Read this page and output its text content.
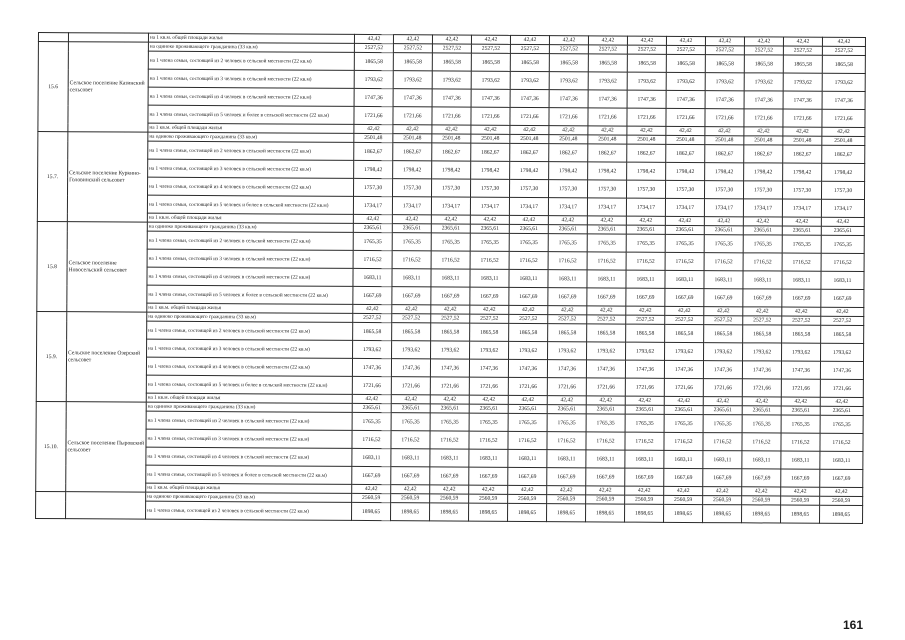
		на 1 кв.м. общей площади жилья	42,42	42,42	42,42	42,42	42,42	42,42	42,42	42,42	42,42	42,42	42,42	42,42	42,42
15.6	Сельское поселение Казинский сельсовет	на одиноко проживающего гражданина (33 кв.м)	2527,52	2527,52	2527,52	2527,52	2527,52	2527,52	2527,52	2527,52	2527,52	2527,52	2527,52	2527,52	2527,52
		на 1 члена семьи, состоящей из 2 человек в сельской местности (22 кв.м)	1865,58	1865,58	1865,58	1865,58	1865,58	1865,58	1865,58	1865,58	1865,58	1865,58	1865,58	1865,58	1865,58
		на 1 члена семьи, состоящей из 3 человек в сельской местности (22 кв.м)	1793,62	1793,62	1793,62	1793,62	1793,62	1793,62	1793,62	1793,62	1793,62	1793,62	1793,62	1793,62	1793,62
		на 1 члена семьи, состоящей из 4 человек в сельской местности (22 кв.м)	1747,36	1747,36	1747,36	1747,36	1747,36	1747,36	1747,36	1747,36	1747,36	1747,36	1747,36	1747,36	1747,36
		на 1 члена семьи, состоящей из 5 человек и более в сельской местности (22 кв.м)	1721,66	1721,66	1721,66	1721,66	1721,66	1721,66	1721,66	1721,66	1721,66	1721,66	1721,66	1721,66	1721,66
		на 1 кв.м. общей площади жилья	42,42	42,42	42,42	42,42	42,42	42,42	42,42	42,42	42,42	42,42	42,42	42,42	42,42
15.7.	Сельское поселение Куркино-Головинский сельсовет	на одиноко проживающего гражданина (33 кв.м)	2501,48	2501,48	2501,48	2501,48	2501,48	2501,48	2501,48	2501,48	2501,48	2501,48	2501,48	2501,48	2501,48
		на 1 члена семьи, состоящей из 2 человек в сельской местности (22 кв.м)	1862,67	1862,67	1862,67	1862,67	1862,67	1862,67	1862,67	1862,67	1862,67	1862,67	1862,67	1862,67	1862,67
		на 1 члена семьи, состоящей из 3 человек в сельской местности (22 кв.м)	1798,42	1798,42	1798,42	1798,42	1798,42	1798,42	1798,42	1798,42	1798,42	1798,42	1798,42	1798,42	1798,42
		на 1 члена семьи, состоящей из 4 человек в сельской местности (22 кв.м)	1757,30	1757,30	1757,30	1757,30	1757,30	1757,30	1757,30	1757,30	1757,30	1757,30	1757,30	1757,30	1757,30
		на 1 члена семьи, состоящей из 5 человек и более в сельской местности (22 кв.м)	1734,17	1734,17	1734,17	1734,17	1734,17	1734,17	1734,17	1734,17	1734,17	1734,17	1734,17	1734,17	1734,17
		на 1 кв.м. общей площади жилья	42,42	42,42	42,42	42,42	42,42	42,42	42,42	42,42	42,42	42,42	42,42	42,42	42,42
15.8	Сельское поселение Новосельский сельсовет	на одиноко проживающего гражданина (33 кв.м)	2365,61	2365,61	2365,61	2365,61	2365,61	2365,61	2365,61	2365,61	2365,61	2365,61	2365,61	2365,61	2365,61
		на 1 члена семьи, состоящей из 2 человек в сельской местности (22 кв.м)	1765,35	1765,35	1765,35	1765,35	1765,35	1765,35	1765,35	1765,35	1765,35	1765,35	1765,35	1765,35	1765,35
		на 1 члена семьи, состоящей из 3 человек в сельской местности (22 кв.м)	1716,52	1716,52	1716,52	1716,52	1716,52	1716,52	1716,52	1716,52	1716,52	1716,52	1716,52	1716,52	1716,52
		на 1 члена семьи, состоящей из 4 человек в сельской местности (22 кв.м)	1683,11	1683,11	1683,11	1683,11	1683,11	1683,11	1683,11	1683,11	1683,11	1683,11	1683,11	1683,11	1683,11
		на 1 члена семьи, состоящей из 5 человек и более в сельской местности (22 кв.м)	1667,69	1667,69	1667,69	1667,69	1667,69	1667,69	1667,69	1667,69	1667,69	1667,69	1667,69	1667,69	1667,69
		на 1 кв.м. общей площади жилья	42,42	42,42	42,42	42,42	42,42	42,42	42,42	42,42	42,42	42,42	42,42	42,42	42,42
15.9.	Сельское поселение Озерский сельсовет	на одиноко проживающего гражданина (33 кв.м)	2527,52	2527,52	2527,52	2527,52	2527,52	2527,52	2527,52	2527,52	2527,52	2527,52	2527,52	2527,52	2527,52
		на 1 члена семьи, состоящей из 2 человек в сельской местности (22 кв.м)	1865,58	1865,58	1865,58	1865,58	1865,58	1865,58	1865,58	1865,58	1865,58	1865,58	1865,58	1865,58	1865,58
		на 1 члена семьи, состоящей из 3 человек в сельской местности (22 кв.м)	1793,62	1793,62	1793,62	1793,62	1793,62	1793,62	1793,62	1793,62	1793,62	1793,62	1793,62	1793,62	1793,62
		на 1 члена семьи, состоящей из 4 человек в сельской местности (22 кв.м)	1747,36	1747,36	1747,36	1747,36	1747,36	1747,36	1747,36	1747,36	1747,36	1747,36	1747,36	1747,36	1747,36
		на 1 члена семьи, состоящей из 5 человек и более в сельской местности (22 кв.м)	1721,66	1721,66	1721,66	1721,66	1721,66	1721,66	1721,66	1721,66	1721,66	1721,66	1721,66	1721,66	1721,66
		на 1 кв.м. общей площади жилья	42,42	42,42	42,42	42,42	42,42	42,42	42,42	42,42	42,42	42,42	42,42	42,42	42,42
15.10.	Сельское поселение Пыровский сельсовет	на одиноко проживающего гражданина (33 кв.м)	2365,61	2365,61	2365,61	2365,61	2365,61	2365,61	2365,61	2365,61	2365,61	2365,61	2365,61	2365,61	2365,61
		на 1 члена семьи, состоящей из 2 человек в сельской местности (22 кв.м)	1765,35	1765,35	1765,35	1765,35	1765,35	1765,35	1765,35	1765,35	1765,35	1765,35	1765,35	1765,35	1765,35
		на 1 члена семьи, состоящей из 3 человек в сельской местности (22 кв.м)	1716,52	1716,52	1716,52	1716,52	1716,52	1716,52	1716,52	1716,52	1716,52	1716,52	1716,52	1716,52	1716,52
		на 1 члена семьи, состоящей из 4 человек в сельской местности (22 кв.м)	1683,11	1683,11	1683,11	1683,11	1683,11	1683,11	1683,11	1683,11	1683,11	1683,11	1683,11	1683,11	1683,11
		на 1 члена семьи, состоящей из 5 человек и более в сельской местности (22 кв.м)	1667,69	1667,69	1667,69	1667,69	1667,69	1667,69	1667,69	1667,69	1667,69	1667,69	1667,69	1667,69	1667,69
		на 1 кв.м. общей площади жилья	42,42	42,42	42,42	42,42	42,42	42,42	42,42	42,42	42,42	42,42	42,42	42,42	42,42
		на одиноко проживающего гражданина (33 кв.м)	2560,59	2560,59	2560,59	2560,59	2560,59	2560,59	2560,59	2560,59	2560,59	2560,59	2560,59	2560,59	2560,59
		на 1 члена семьи, состоящей из 2 человек в сельской местности (22 кв.м)	1898,65	1898,65	1898,65	1898,65	1898,65	1898,65	1898,65	1898,65	1898,65	1898,65	1898,65	1898,65	1898,65
161
